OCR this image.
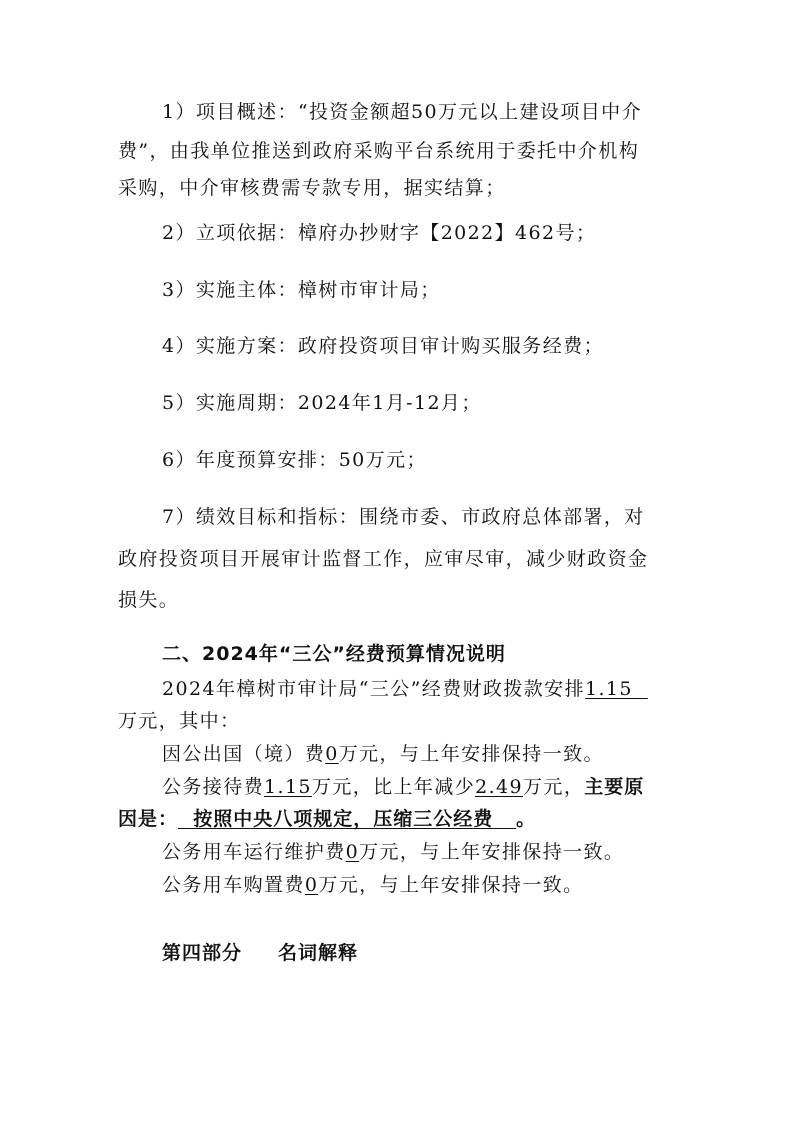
1）项目概述：“投资金额超50万元以上建设项目中介
费”，由我单位推送到政府采购平台系统用于委托中介机构
采购，中介审核费需专款专用，据实结算；
2）立项依据：樟府办抄财字【2022】462号；
3）实施主体：樟树市审计局；
4）实施方案：政府投资项目审计购买服务经费；
5）实施周期：2024年1月-12月；
6）年度预算安排：50万元；
7）绩效目标和指标：围绕市委、市政府总体部署，对
政府投资项目开展审计监督工作，应审尽审，减少财政资金
损失。
二、2024年“三公”经费预算情况说明
2024年樟树市审计局“三公”经费财政拨款安排1.15
万元，其中：
因公出国（境）费0万元，与上年安排保持一致。
公务接待费1.15万元，比上年减少2.49万元，主要原
因是： 按照中央八项规定，压缩三公经费 。
公务用车运行维护费0万元，与上年安排保持一致。
公务用车购置费0万元，与上年安排保持一致。
第四部分 名词解释
